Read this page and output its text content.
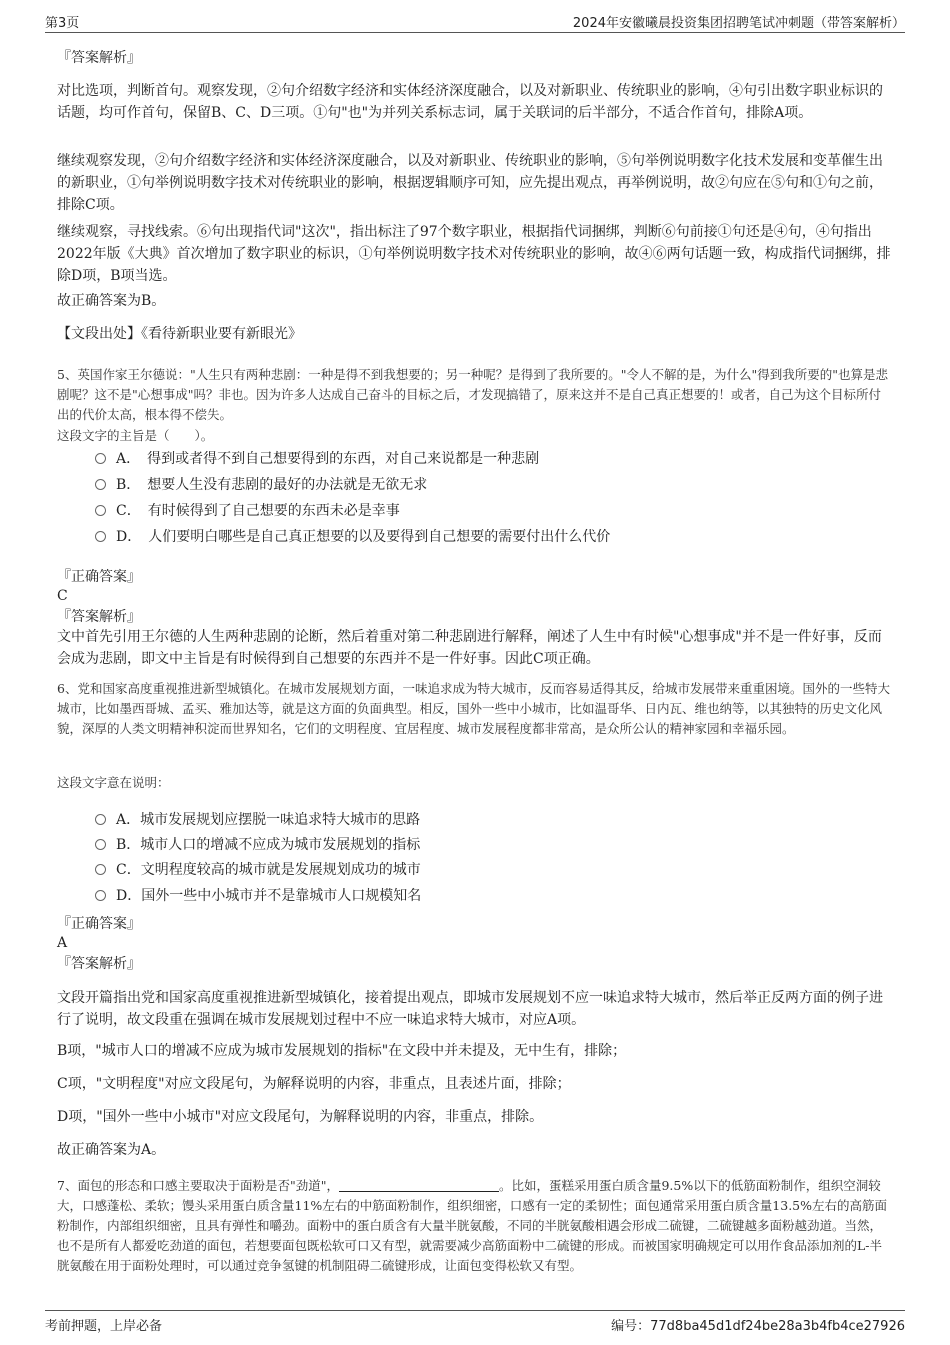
第3页	2024年安徽曦晨投资集团招聘笔试冲刺题（带答案解析）
『答案解析』
对比选项，判断首句。观察发现，②句介绍数字经济和实体经济深度融合，以及对新职业、传统职业的影响，④句引出数字职业标识的话题，均可作首句，保留B、C、D三项。①句"也"为并列关系标志词，属于关联词的后半部分，不适合作首句，排除A项。
继续观察发现，②句介绍数字经济和实体经济深度融合，以及对新职业、传统职业的影响，⑤句举例说明数字化技术发展和变革催生出的新职业，①句举例说明数字技术对传统职业的影响，根据逻辑顺序可知，应先提出观点，再举例说明，故②句应在⑤句和①句之前，排除C项。
继续观察，寻找线索。⑥句出现指代词"这次"，指出标注了97个数字职业，根据指代词捆绑，判断⑥句前接①句还是④句，④句指出2022年版《大典》首次增加了数字职业的标识，①句举例说明数字技术对传统职业的影响，故④⑥两句话题一致，构成指代词捆绑，排除D项，B项当选。
故正确答案为B。
【文段出处】《看待新职业要有新眼光》
5、英国作家王尔德说："人生只有两种悲剧：一种是得不到我想要的；另一种呢？是得到了我所要的。"令人不解的是，为什么"得到我所要的"也算是悲剧呢？这不是"心想事成"吗？非也。因为许多人达成自己奋斗的目标之后，才发现搞错了，原来这并不是自己真正想要的！或者，自己为这个目标所付出的代价太高，根本得不偿失。
这段文字的主旨是（　　）。
A．　得到或者得不到自己想要得到的东西，对自己来说都是一种悲剧
B．　想要人生没有悲剧的最好的办法就是无欲无求
C．　有时候得到了自己想要的东西未必是幸事
D．　人们要明白哪些是自己真正想要的以及要得到自己想要的需要付出什么代价
『正确答案』
C
『答案解析』
文中首先引用王尔德的人生两种悲剧的论断，然后着重对第二种悲剧进行解释，阐述了人生中有时候"心想事成"并不是一件好事，反而会成为悲剧，即文中主旨是有时候得到自己想要的东西并不是一件好事。因此C项正确。
6、党和国家高度重视推进新型城镇化。在城市发展规划方面，一味追求成为特大城市，反而容易适得其反，给城市发展带来重重困境。国外的一些特大城市，比如墨西哥城、孟买、雅加达等，就是这方面的负面典型。相反，国外一些中小城市，比如温哥华、日内瓦、维也纳等，以其独特的历史文化风貌，深厚的人类文明精神积淀而世界知名，它们的文明程度、宜居程度、城市发展程度都非常高，是众所公认的精神家园和幸福乐园。
这段文字意在说明：
A．城市发展规划应摆脱一味追求特大城市的思路
B．城市人口的增减不应成为城市发展规划的指标
C．文明程度较高的城市就是发展规划成功的城市
D．国外一些中小城市并不是靠城市人口规模知名
『正确答案』
A
『答案解析』
文段开篇指出党和国家高度重视推进新型城镇化，接着提出观点，即城市发展规划不应一味追求特大城市，然后举正反两方面的例子进行了说明，故文段重在强调在城市发展规划过程中不应一味追求特大城市，对应A项。
B项，"城市人口的增减不应成为城市发展规划的指标"在文段中并未提及，无中生有，排除；
C项，"文明程度"对应文段尾句，为解释说明的内容，非重点，且表述片面，排除；
D项，"国外一些中小城市"对应文段尾句，为解释说明的内容，非重点，排除。
故正确答案为A。
7、面包的形态和口感主要取决于面粉是否"劲道"，	。比如，蛋糕采用蛋白质含量9.5%以下的低筋面粉制作，组织空洞较大，口感蓬松、柔软；馒头采用蛋白质含量11%左右的中筋面粉制作，组织细密，口感有一定的柔韧性；面包通常采用蛋白质含量13.5%左右的高筋面粉制作，内部组织细密，且具有弹性和嚼劲。面粉中的蛋白质含有大量半胱氨酸，不同的半胱氨酸相遇会形成二硫键，二硫键越多面粉越劲道。当然，也不是所有人都爱吃劲道的面包，若想要面包既松软可口又有型，就需要减少高筋面粉中二硫键的形成。而被国家明确规定可以用作食品添加剂的L-半胱氨酸在用于面粉处理时，可以通过竞争氢键的机制阻碍二硫键形成，让面包变得松软又有型。
考前押题，上岸必备	编号：77d8ba45d1df24be28a3b4fb4ce27926
